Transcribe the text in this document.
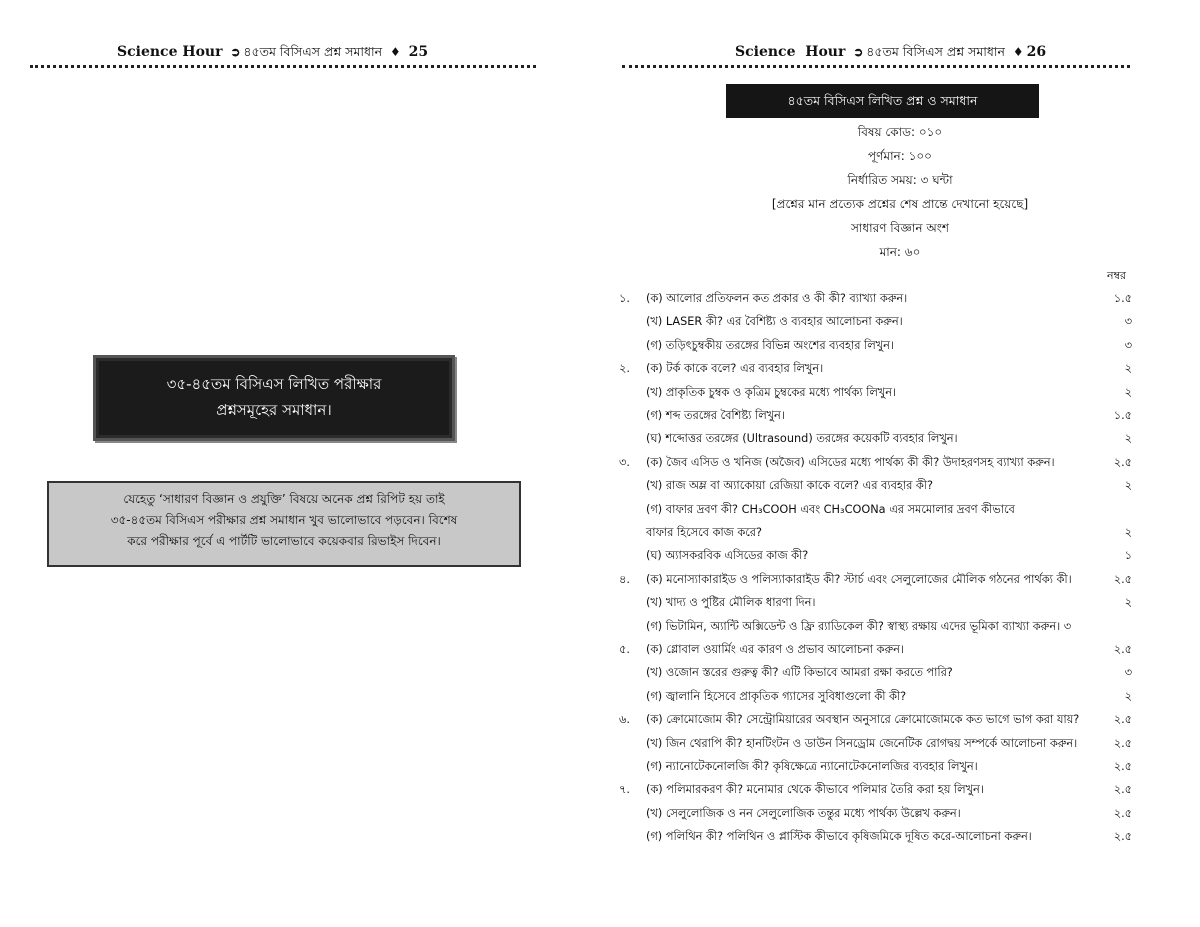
Science Hour ➲ ৪৫তম বিসিএস প্রশ্ন সমাধান ♦ 25
৩৫-৪৫তম বিসিএস লিখিত পরীক্ষার
প্রশ্নসমূহের সমাধান।
যেহেতু ‘সাধারণ বিজ্ঞান ও প্রযুক্তি’ বিষয়ে অনেক প্রশ্ন রিপিট হয় তাই
৩৫-৪৫তম বিসিএস পরীক্ষার প্রশ্ন সমাধান খুব ভালোভাবে পড়বেন। বিশেষ
করে পরীক্ষার পূর্বে এ পার্টটি ভালোভাবে কয়েকবার রিভাইস দিবেন।
Science  Hour ➲ ৪৫তম বিসিএস প্রশ্ন সমাধান ♦ 26
৪৫তম বিসিএস লিখিত প্রশ্ন ও সমাধান
বিষয় কোড: ০১০
পূর্ণমান: ১০০
নির্ধারিত সময়: ৩ ঘন্টা
[প্রশ্নের মান প্রত্যেক প্রশ্নের শেষ প্রান্তে দেখানো হয়েছে]
সাধারণ বিজ্ঞান অংশ
মান: ৬০
নম্বর
১. (ক) আলোর প্রতিফলন কত প্রকার ও কী কী? ব্যাখ্যা করুন।	১.৫
(খ) LASER কী? এর বৈশিষ্ট্য ও ব্যবহার আলোচনা করুন।	৩
(গ) তড়িৎচুম্বকীয় তরঙ্গের বিভিন্ন অংশের ব্যবহার লিখুন।	৩
২. (ক) টর্ক কাকে বলে? এর ব্যবহার লিখুন।	২
(খ) প্রাকৃতিক চুম্বক ও কৃত্রিম চুম্বকের মধ্যে পার্থক্য লিখুন।	২
(গ) শব্দ তরঙ্গের বৈশিষ্ট্য লিখুন।	১.৫
(ঘ) শব্দোত্তর তরঙ্গের (Ultrasound) তরঙ্গের কয়েকটি ব্যবহার লিখুন।	২
৩. (ক) জৈব এসিড ও খনিজ (অজৈব) এসিডের মধ্যে পার্থক্য কী কী? উদাহরণসহ ব্যাখ্যা করুন।	২.৫
(খ) রাজ অম্ল বা অ্যাকোয়া রেজিয়া কাকে বলে? এর ব্যবহার কী?	২
(গ) বাফার দ্রবণ কী? CH₃COOH এবং CH₃COONa এর সমমোলার দ্রবণ কীভাবে
বাফার হিসেবে কাজ করে?	২
(ঘ) অ্যাসকরবিক এসিডের কাজ কী?	১
৪. (ক) মনোস্যাকারাইড ও পলিস্যাকারাইড কী? স্টার্চ এবং সেলুলোজের মৌলিক গঠনের পার্থক্য কী।	২.৫
(খ) খাদ্য ও পুষ্টির মৌলিক ধারণা দিন।	২
(গ) ভিটামিন, অ্যান্টি অক্সিডেন্ট ও ফ্রি র‌্যাডিকেল কী? স্বাস্থ্য রক্ষায় এদের ভূমিকা ব্যাখ্যা করুন। ৩
৫. (ক) গ্লোবাল ওয়ার্মিং এর কারণ ও প্রভাব আলোচনা করুন।	২.৫
(খ) ওজোন স্তরের গুরুত্ব কী? এটি কিভাবে আমরা রক্ষা করতে পারি?	৩
(গ) জ্বালানি হিসেবে প্রাকৃতিক গ্যাসের সুবিধাগুলো কী কী?	২
৬. (ক) ক্রোমোজোম কী? সেন্ট্রোমিয়ারের অবস্থান অনুসারে ক্রোমোজোমকে কত ভাগে ভাগ করা যায়?	২.৫
(খ) জিন থেরাপি কী? হানটিংটন ও ডাউন সিনড্রোম জেনেটিক রোগদ্বয় সম্পর্কে আলোচনা করুন।	২.৫
(গ) ন্যানোটেকনোলজি কী? কৃষিক্ষেত্রে ন্যানোটেকনোলজির ব্যবহার লিখুন।	২.৫
৭. (ক) পলিমারকরণ কী? মনোমার থেকে কীভাবে পলিমার তৈরি করা হয় লিখুন।	২.৫
(খ) সেলুলোজিক ও নন সেলুলোজিক তন্তুর মধ্যে পার্থক্য উল্লেখ করুন।	২.৫
(গ) পলিথিন কী? পলিথিন ও প্লাস্টিক কীভাবে কৃষিজমিকে দূষিত করে-আলোচনা করুন।	২.৫
